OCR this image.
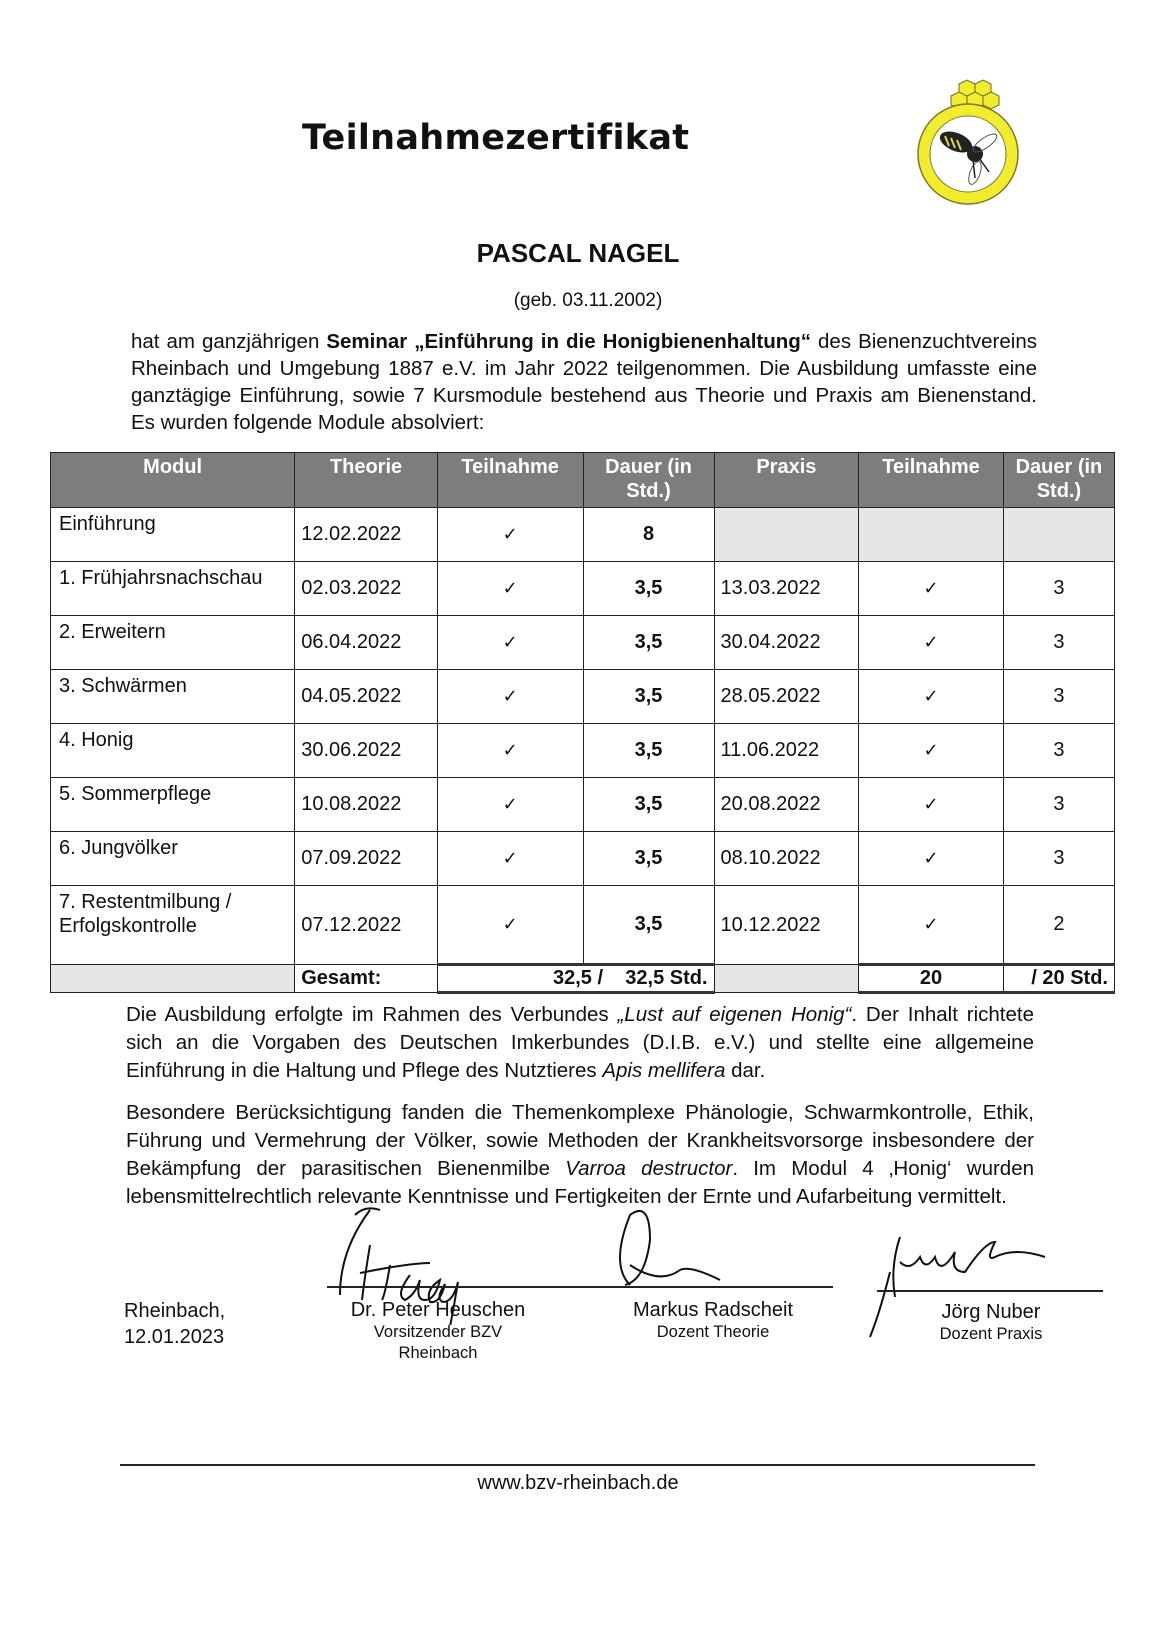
Teilnahmezertifikat
PASCAL NAGEL
(geb. 03.11.2002)
hat am ganzjährigen Seminar „Einführung in die Honigbienenhaltung“ des Bienenzuchtvereins Rheinbach und Umgebung 1887 e.V. im Jahr 2022 teilgenommen. Die Ausbildung umfasste eine ganztägige Einführung, sowie 7 Kursmodule bestehend aus Theorie und Praxis am Bienenstand. Es wurden folgende Module absolviert:
Modul	Theorie	Teilnahme	Dauer (in Std.)	Praxis	Teilnahme	Dauer (in Std.)
Einführung	12.02.2022	✓	8			
1. Frühjahrsnachschau	02.03.2022	✓	3,5	13.03.2022	✓	3
2. Erweitern	06.04.2022	✓	3,5	30.04.2022	✓	3
3. Schwärmen	04.05.2022	✓	3,5	28.05.2022	✓	3
4. Honig	30.06.2022	✓	3,5	11.06.2022	✓	3
5. Sommerpflege	10.08.2022	✓	3,5	20.08.2022	✓	3
6. Jungvölker	07.09.2022	✓	3,5	08.10.2022	✓	3
7. Restentmilbung / Erfolgskontrolle	07.12.2022	✓	3,5	10.12.2022	✓	2
	Gesamt:	32,5 /    32,5 Std.			20	/ 20 Std.
Die Ausbildung erfolgte im Rahmen des Verbundes „Lust auf eigenen Honig“. Der Inhalt richtete sich an die Vorgaben des Deutschen Imkerbundes (D.I.B. e.V.) und stellte eine allgemeine Einführung in die Haltung und Pflege des Nutztieres Apis mellifera dar.
Besondere Berücksichtigung fanden die Themenkomplexe Phänologie, Schwarmkontrolle, Ethik, Führung und Vermehrung der Völker, sowie Methoden der Krankheitsvorsorge insbesondere der Bekämpfung der parasitischen Bienenmilbe Varroa destructor. Im Modul 4 ‚Honig‘ wurden lebensmittelrechtlich relevante Kenntnisse und Fertigkeiten der Ernte und Aufarbeitung vermittelt.
Rheinbach,
12.01.2023
Dr. Peter Heuschen
Vorsitzender BZV
Rheinbach
Markus Radscheit
Dozent Theorie
Jörg Nuber
Dozent Praxis
www.bzv-rheinbach.de
